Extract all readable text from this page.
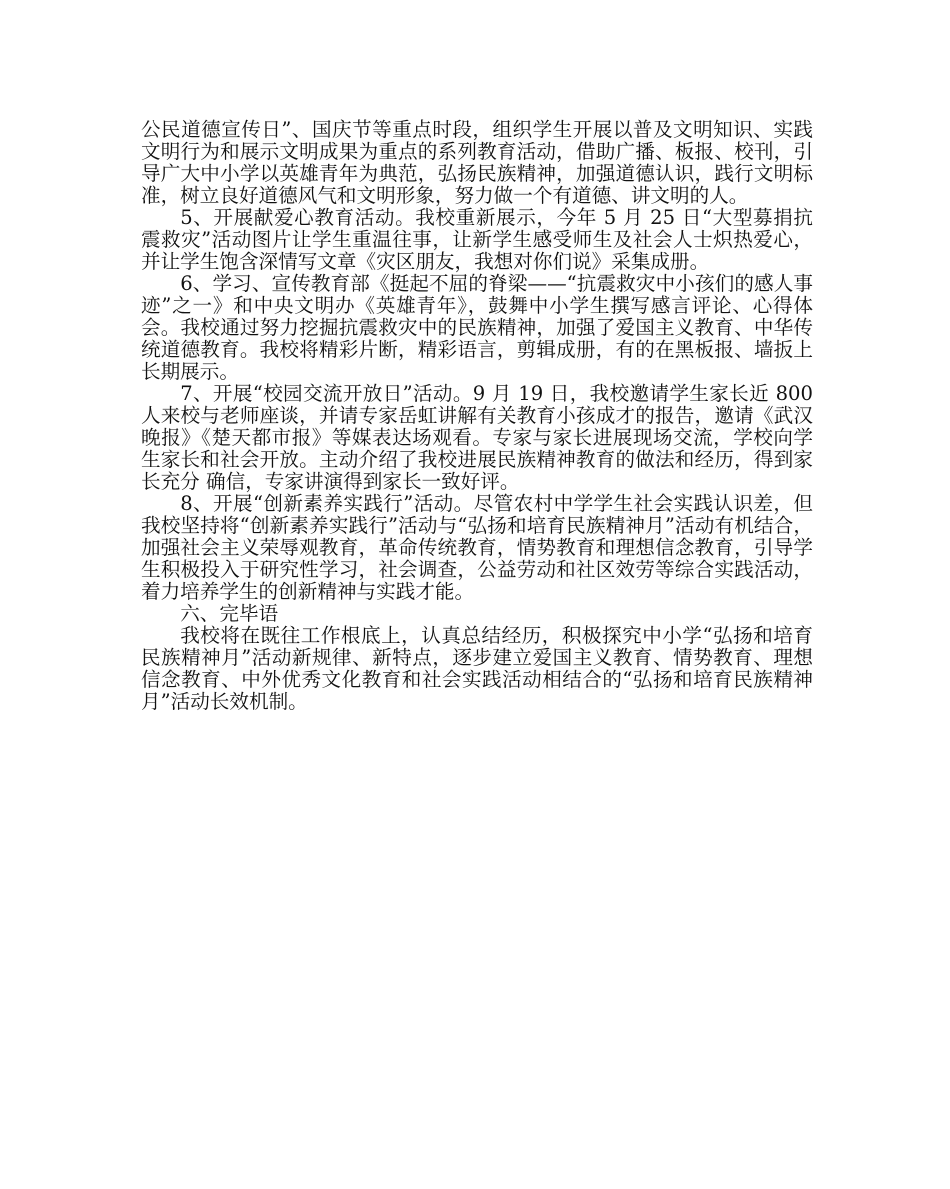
公民道德宣传日”、国庆节等重点时段，组织学生开展以普及文明知识、实践文明行为和展示文明成果为重点的系列教育活动，借助广播、板报、校刊，引导广大中小学以英雄青年为典范，弘扬民族精神，加强道德认识，践行文明标准，树立良好道德风气和文明形象，努力做一个有道德、讲文明的人。

5、开展献爱心教育活动。我校重新展示，今年 5 月 25 日“大型募捐抗震救灾”活动图片让学生重温往事，让新学生感受师生及社会人士炽热爱心，并让学生饱含深情写文章《灾区朋友，我想对你们说》采集成册。

6、学习、宣传教育部《挺起不屈的脊梁——“抗震救灾中小孩们的感人事迹”之一》和中央文明办《英雄青年》，鼓舞中小学生撰写感言评论、心得体会。我校通过努力挖掘抗震救灾中的民族精神，加强了爱国主义教育、中华传统道德教育。我校将精彩片断，精彩语言，剪辑成册，有的在黑板报、墙扳上长期展示。

7、开展“校园交流开放日”活动。9 月 19 日，我校邀请学生家长近 800 人来校与老师座谈，并请专家岳虹讲解有关教育小孩成才的报告，邀请《武汉晚报》《楚天都市报》等媒表达场观看。专家与家长进展现场交流，学校向学生家长和社会开放。主动介绍了我校进展民族精神教育的做法和经历，得到家长充分 确信，专家讲演得到家长一致好评。

8、开展“创新素养实践行”活动。尽管农村中学学生社会实践认识差，但我校坚持将“创新素养实践行”活动与“弘扬和培育民族精神月”活动有机结合，加强社会主义荣辱观教育，革命传统教育，情势教育和理想信念教育，引导学生积极投入于研究性学习，社会调查，公益劳动和社区效劳等综合实践活动，着力培养学生的创新精神与实践才能。

六、完毕语

我校将在既往工作根底上，认真总结经历，积极探究中小学“弘扬和培育民族精神月”活动新规律、新特点，逐步建立爱国主义教育、情势教育、理想信念教育、中外优秀文化教育和社会实践活动相结合的“弘扬和培育民族精神月”活动长效机制。
